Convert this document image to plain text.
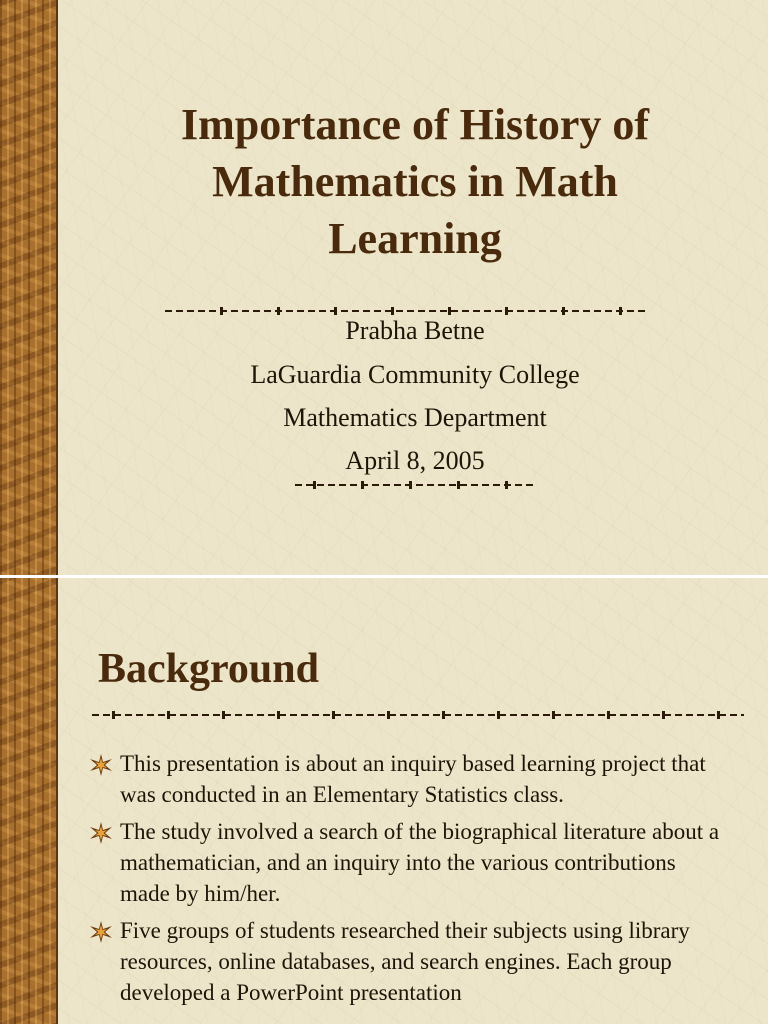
Importance of History of
Mathematics in Math
Learning
Prabha Betne
LaGuardia Community College
Mathematics Department
April 8, 2005
Background
This presentation is about an inquiry based learning project that was conducted in an Elementary Statistics class.
The study involved a search of the biographical literature about a mathematician, and an inquiry into the various contributions made by him/her.
Five groups of students researched their subjects using library resources, online databases, and search engines. Each group developed a PowerPoint presentation
